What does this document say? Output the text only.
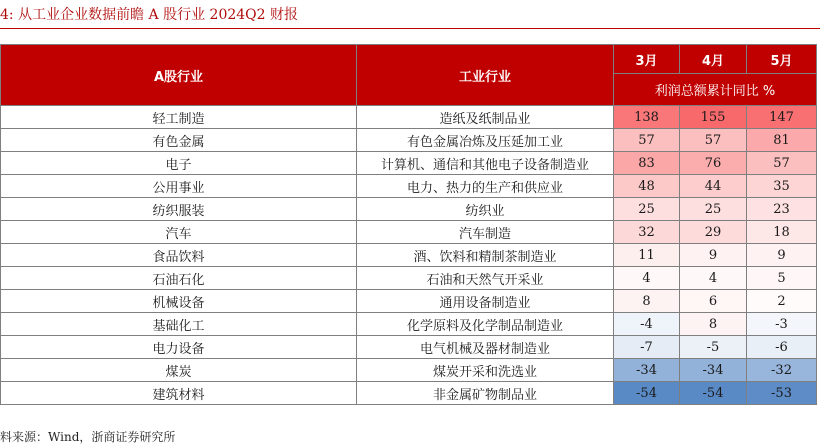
4: 从工业企业数据前瞻 A 股行业 2024Q2 财报
A股行业	工业行业	3月	4月	5月
		利润总额累计同比 %		
轻工制造	造纸及纸制品业	138	155	147
有色金属	有色金属冶炼及压延加工业	57	57	81
电子	计算机、通信和其他电子设备制造业	83	76	57
公用事业	电力、热力的生产和供应业	48	44	35
纺织服装	纺织业	25	25	23
汽车	汽车制造	32	29	18
食品饮料	酒、饮料和精制茶制造业	11	9	9
石油石化	石油和天然气开采业	4	4	5
机械设备	通用设备制造业	8	6	2
基础化工	化学原料及化学制品制造业	-4	8	-3
电力设备	电气机械及器材制造业	-7	-5	-6
煤炭	煤炭开采和洗选业	-34	-34	-32
建筑材料	非金属矿物制品业	-54	-54	-53
料来源：Wind，浙商证券研究所
